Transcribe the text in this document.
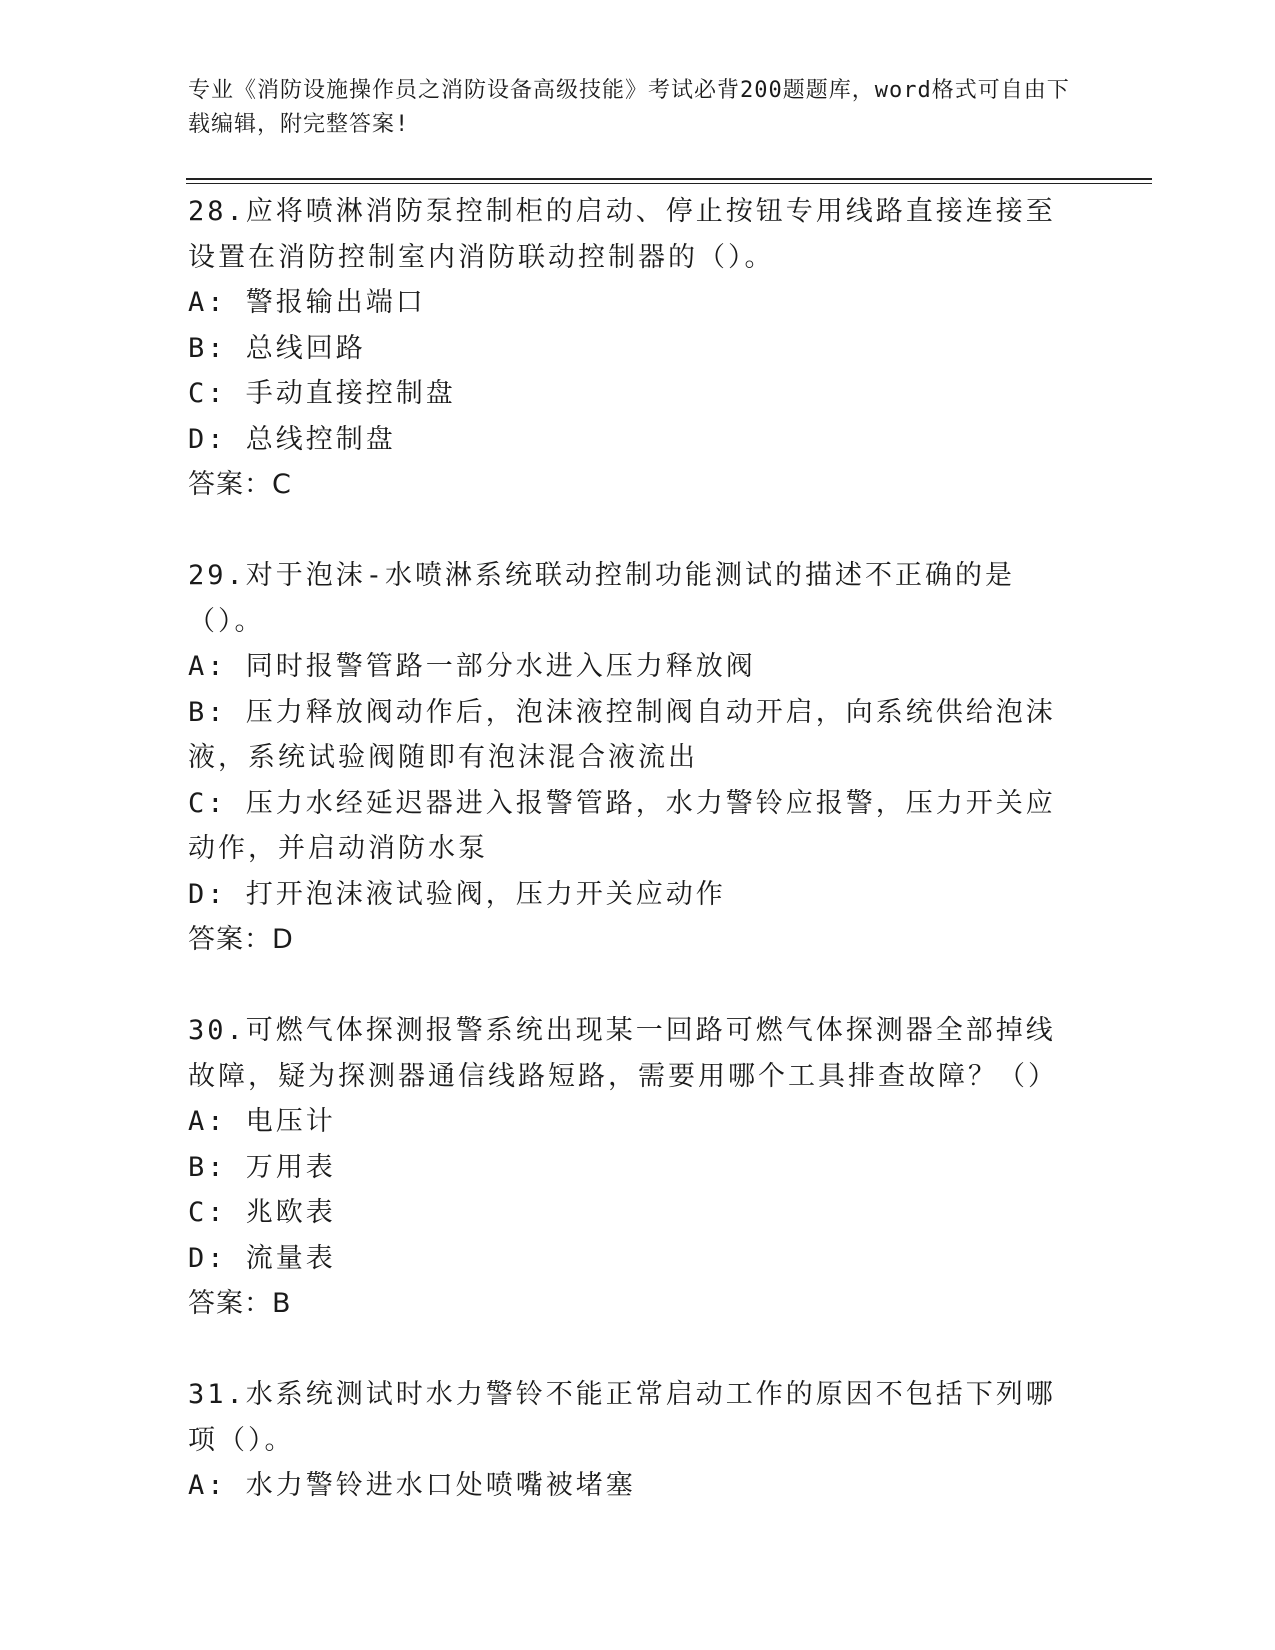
专业《消防设施操作员之消防设备高级技能》考试必背200题题库，word格式可自由下载编辑，附完整答案!
28.应将喷淋消防泵控制柜的启动、停止按钮专用线路直接连接至设置在消防控制室内消防联动控制器的（）。
A: 警报输出端口
B: 总线回路
C: 手动直接控制盘
D: 总线控制盘
答案：C
29.对于泡沫-水喷淋系统联动控制功能测试的描述不正确的是（）。
A: 同时报警管路一部分水进入压力释放阀
B: 压力释放阀动作后，泡沫液控制阀自动开启，向系统供给泡沫液，系统试验阀随即有泡沫混合液流出
C: 压力水经延迟器进入报警管路，水力警铃应报警，压力开关应动作，并启动消防水泵
D: 打开泡沫液试验阀，压力开关应动作
答案：D
30.可燃气体探测报警系统出现某一回路可燃气体探测器全部掉线故障，疑为探测器通信线路短路，需要用哪个工具排查故障？（）
A: 电压计
B: 万用表
C: 兆欧表
D: 流量表
答案：B
31.水系统测试时水力警铃不能正常启动工作的原因不包括下列哪项（）。
A: 水力警铃进水口处喷嘴被堵塞
